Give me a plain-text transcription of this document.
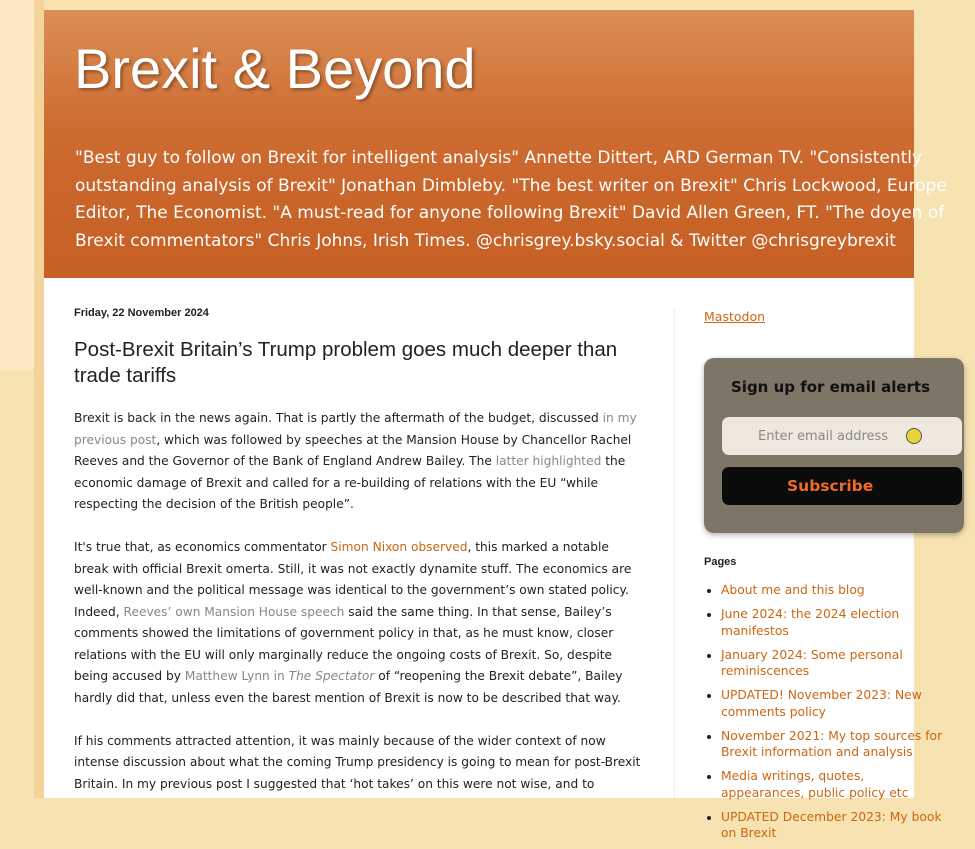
Brexit & Beyond

"Best guy to follow on Brexit for intelligent analysis" Annette Dittert, ARD German TV. "Consistently outstanding analysis of Brexit" Jonathan Dimbleby. "The best writer on Brexit" Chris Lockwood, Europe Editor, The Economist. "A must-read for anyone following Brexit" David Allen Green, FT. "The doyen of Brexit commentators" Chris Johns, Irish Times. @chrisgrey.bsky.social & Twitter @chrisgreybrexit

Friday, 22 November 2024
Post-Brexit Britain’s Trump problem goes much deeper than trade tariffs

Brexit is back in the news again. That is partly the aftermath of the budget, discussed in my previous post, which was followed by speeches at the Mansion House by Chancellor Rachel Reeves and the Governor of the Bank of England Andrew Bailey. The latter highlighted the economic damage of Brexit and called for a re-building of relations with the EU “while respecting the decision of the British people”.

It's true that, as economics commentator Simon Nixon observed, this marked a notable break with official Brexit omerta. Still, it was not exactly dynamite stuff. The economics are well-known and the political message was identical to the government’s own stated policy. Indeed, Reeves’ own Mansion House speech said the same thing. In that sense, Bailey’s comments showed the limitations of government policy in that, as he must know, closer relations with the EU will only marginally reduce the ongoing costs of Brexit. So, despite being accused by Matthew Lynn in The Spectator of “reopening the Brexit debate”, Bailey hardly did that, unless even the barest mention of Brexit is now to be described that way.

If his comments attracted attention, it was mainly because of the wider context of now intense discussion about what the coming Trump presidency is going to mean for post-Brexit Britain. In my previous post I suggested that ‘hot takes’ on this were not wise, and to

Mastodon
Sign up for email alerts
Enter email address
Subscribe
Pages
• About me and this blog
• June 2024: the 2024 election manifestos
• January 2024: Some personal reminiscences
• UPDATED! November 2023: New comments policy
• November 2021: My top sources for Brexit information and analysis
• Media writings, quotes, appearances, public policy etc
• UPDATED December 2023: My book on Brexit
